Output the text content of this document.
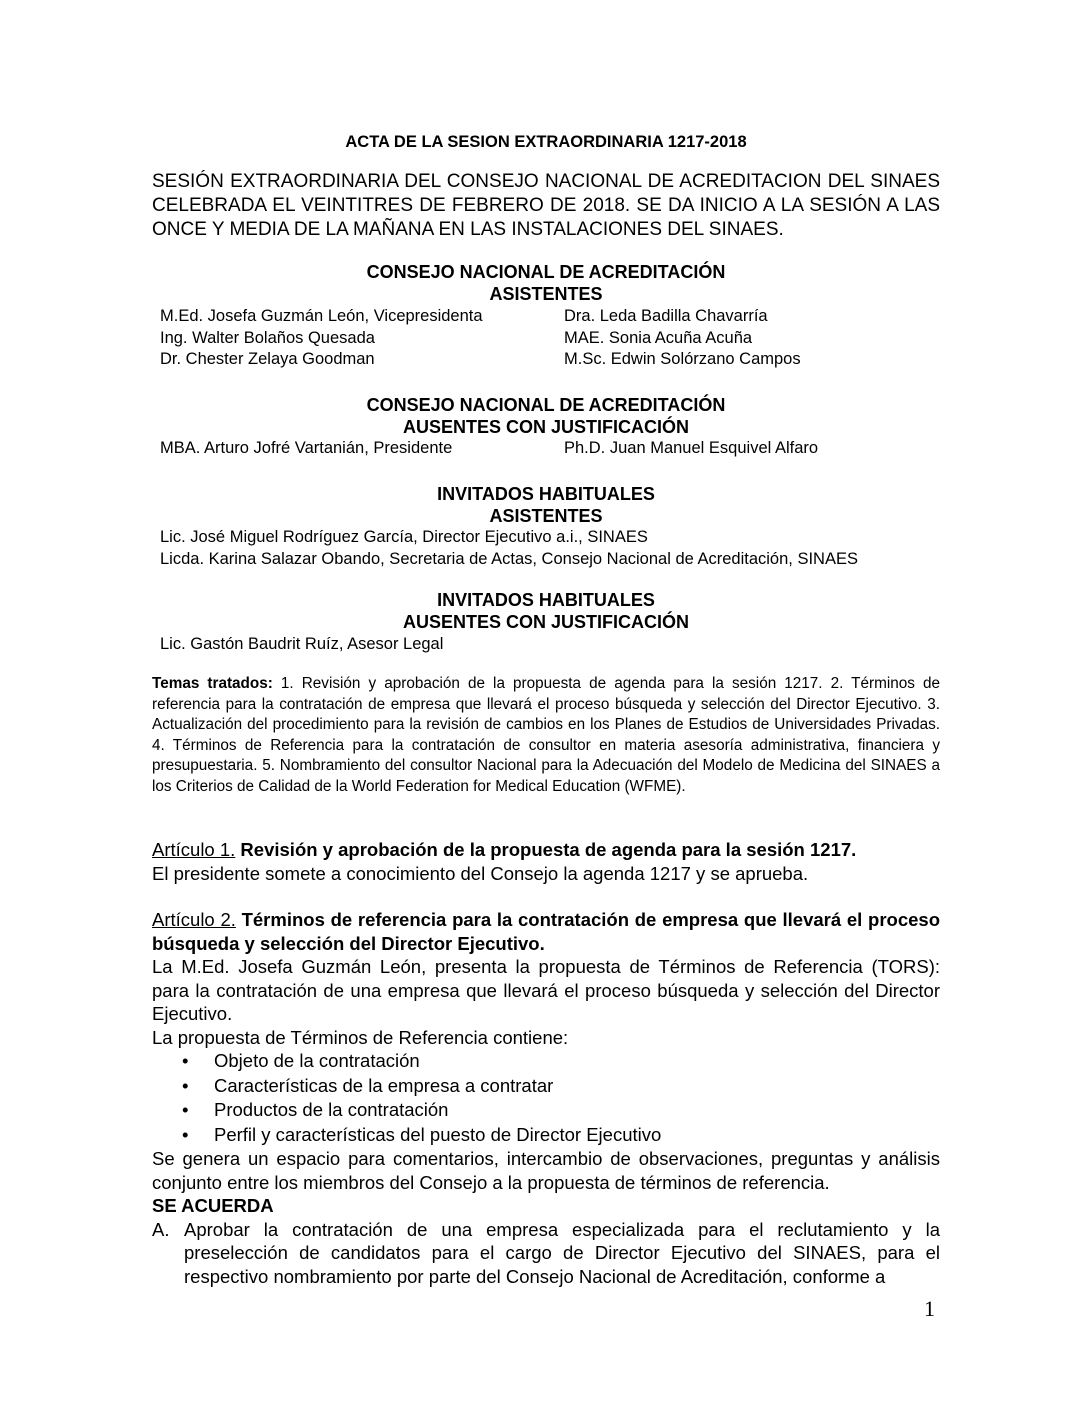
ACTA DE LA SESION EXTRAORDINARIA 1217-2018
SESIÓN EXTRAORDINARIA DEL CONSEJO NACIONAL DE ACREDITACION DEL SINAES CELEBRADA EL VEINTITRES DE FEBRERO DE 2018. SE DA INICIO A LA SESIÓN A LAS ONCE Y MEDIA DE LA MAÑANA EN LAS INSTALACIONES DEL SINAES.
CONSEJO NACIONAL DE ACREDITACIÓN
ASISTENTES
M.Ed. Josefa Guzmán León, Vicepresidenta	Dra. Leda Badilla Chavarría
Ing. Walter Bolaños Quesada	MAE. Sonia Acuña Acuña
Dr. Chester Zelaya Goodman	M.Sc. Edwin Solórzano Campos
CONSEJO NACIONAL DE ACREDITACIÓN
AUSENTES CON JUSTIFICACIÓN
MBA. Arturo Jofré Vartanián, Presidente	Ph.D. Juan Manuel Esquivel Alfaro
INVITADOS HABITUALES
ASISTENTES
Lic. José Miguel Rodríguez García, Director Ejecutivo a.i., SINAES
Licda. Karina Salazar Obando, Secretaria de Actas, Consejo Nacional de Acreditación, SINAES
INVITADOS HABITUALES
AUSENTES CON JUSTIFICACIÓN
Lic. Gastón Baudrit Ruíz, Asesor Legal
Temas tratados: 1. Revisión y aprobación de la propuesta de agenda para la sesión 1217. 2. Términos de referencia para la contratación de empresa que llevará el proceso búsqueda y selección del Director Ejecutivo. 3. Actualización del procedimiento para la revisión de cambios en los Planes de Estudios de Universidades Privadas. 4. Términos de Referencia para la contratación de consultor en materia asesoría administrativa, financiera y presupuestaria. 5. Nombramiento del consultor Nacional para la Adecuación del Modelo de Medicina del SINAES a los Criterios de Calidad de la World Federation for Medical Education (WFME).
Artículo 1. Revisión y aprobación de la propuesta de agenda para la sesión 1217.
El presidente somete a conocimiento del Consejo la agenda 1217 y se aprueba.
Artículo 2. Términos de referencia para la contratación de empresa que llevará el proceso búsqueda y selección del Director Ejecutivo.
La M.Ed. Josefa Guzmán León, presenta la propuesta de Términos de Referencia (TORS): para la contratación de una empresa que llevará el proceso búsqueda y selección del Director Ejecutivo.
La propuesta de Términos de Referencia contiene:
• Objeto de la contratación
• Características de la empresa a contratar
• Productos de la contratación
• Perfil y características del puesto de Director Ejecutivo
Se genera un espacio para comentarios, intercambio de observaciones, preguntas y análisis conjunto entre los miembros del Consejo a la propuesta de términos de referencia.
SE ACUERDA
A. Aprobar la contratación de una empresa especializada para el reclutamiento y la preselección de candidatos para el cargo de Director Ejecutivo del SINAES, para el respectivo nombramiento por parte del Consejo Nacional de Acreditación, conforme a
1
